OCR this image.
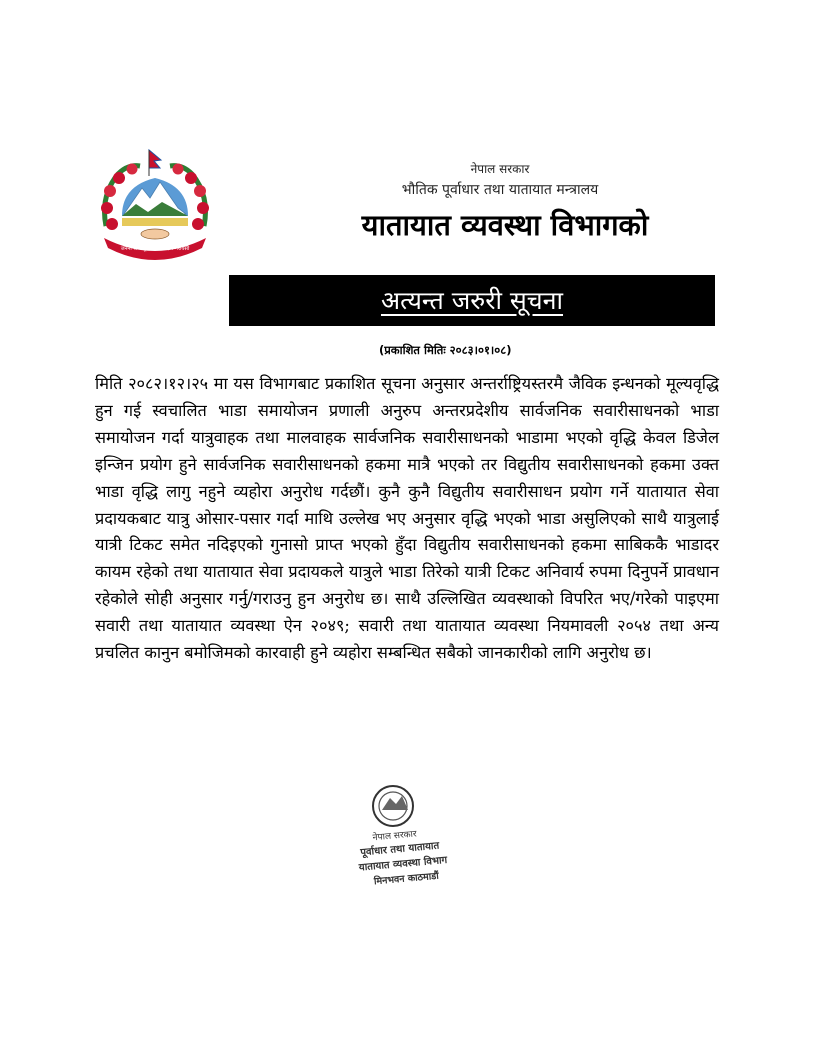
जननी जन्मभूमिश्च स्वर्गादपि गरीयसी
नेपाल सरकार
भौतिक पूर्वाधार तथा यातायात मन्त्रालय
यातायात व्यवस्था विभागको
अत्यन्त जरुरी सूचना
(प्रकाशित मितिः २०८३।०१।०८)
मिति २०८२।१२।२५ मा यस विभागबाट प्रकाशित सूचना अनुसार अन्तर्राष्ट्रियस्तरमै जैविक इन्धनको मूल्यवृद्धि हुन गई स्वचालित भाडा समायोजन प्रणाली अनुरुप अन्तरप्रदेशीय सार्वजनिक सवारीसाधनको भाडा समायोजन गर्दा यात्रुवाहक तथा मालवाहक सार्वजनिक सवारीसाधनको भाडामा भएको वृद्धि केवल डिजेल इन्जिन प्रयोग हुने सार्वजनिक सवारीसाधनको हकमा मात्रै भएको तर विद्युतीय सवारीसाधनको हकमा उक्त भाडा वृद्धि लागु नहुने व्यहोरा अनुरोध गर्दछौं। कुनै कुनै विद्युतीय सवारीसाधन प्रयोग गर्ने यातायात सेवा प्रदायकबाट यात्रु ओसार-पसार गर्दा माथि उल्लेख भए अनुसार वृद्धि भएको भाडा असुलिएको साथै यात्रुलाई यात्री टिकट समेत नदिइएको गुनासो प्राप्त भएको हुँदा विद्युतीय सवारीसाधनको हकमा साबिककै भाडादर कायम रहेको तथा यातायात सेवा प्रदायकले यात्रुले भाडा तिरेको यात्री टिकट अनिवार्य रुपमा दिनुपर्ने प्रावधान रहेकोले सोही अनुसार गर्नु/गराउनु हुन अनुरोध छ। साथै उल्लिखित व्यवस्थाको विपरित भए/गरेको पाइएमा सवारी तथा यातायात व्यवस्था ऐन २०४९; सवारी तथा यातायात व्यवस्था नियमावली २०५४ तथा अन्य प्रचलित कानुन बमोजिमको कारवाही हुने व्यहोरा सम्बन्धित सबैको जानकारीको लागि अनुरोध छ।
नेपाल सरकार
पूर्वाधार तथा यातायात
यातायात व्यवस्था विभाग
मिनभवन काठमाडौं
